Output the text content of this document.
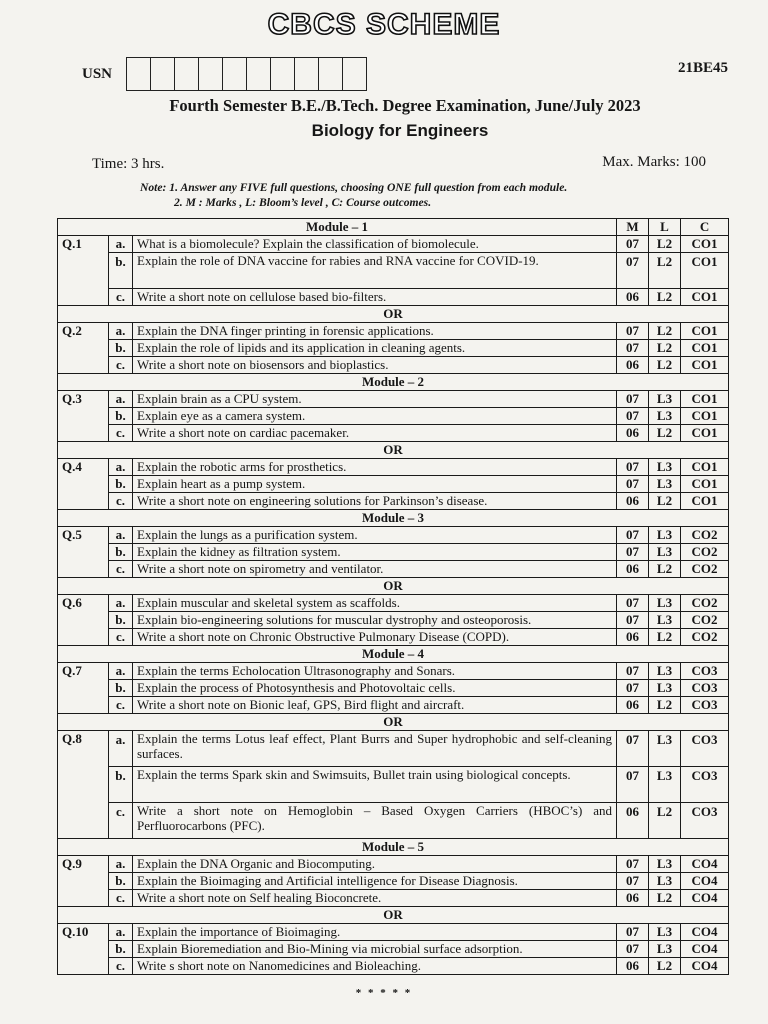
CBCS SCHEME
USN	21BE45
Fourth Semester B.E./B.Tech. Degree Examination, June/July 2023
Biology for Engineers
Time: 3 hrs.	Max. Marks: 100
Note: 1. Answer any FIVE full questions, choosing ONE full question from each module.
2. M : Marks , L: Bloom’s level , C: Course outcomes.
Module – 1			M	L	C
Q.1	a.	What is a biomolecule? Explain the classification of biomolecule.	07	L2	CO1
	b.	Explain the role of DNA vaccine for rabies and RNA vaccine for COVID-19.	07	L2	CO1
	c.	Write a short note on cellulose based bio-filters.	06	L2	CO1
OR					
Q.2	a.	Explain the DNA finger printing in forensic applications.	07	L2	CO1
	b.	Explain the role of lipids and its application in cleaning agents.	07	L2	CO1
	c.	Write a short note on biosensors and bioplastics.	06	L2	CO1
Module – 2					
Q.3	a.	Explain brain as a CPU system.	07	L3	CO1
	b.	Explain eye as a camera system.	07	L3	CO1
	c.	Write a short note on cardiac pacemaker.	06	L2	CO1
OR					
Q.4	a.	Explain the robotic arms for prosthetics.	07	L3	CO1
	b.	Explain heart as a pump system.	07	L3	CO1
	c.	Write a short note on engineering solutions for Parkinson’s disease.	06	L2	CO1
Module – 3					
Q.5	a.	Explain the lungs as a purification system.	07	L3	CO2
	b.	Explain the kidney as filtration system.	07	L3	CO2
	c.	Write a short note on spirometry and ventilator.	06	L2	CO2
OR					
Q.6	a.	Explain muscular and skeletal system as scaffolds.	07	L3	CO2
	b.	Explain bio-engineering solutions for muscular dystrophy and osteoporosis.	07	L3	CO2
	c.	Write a short note on Chronic Obstructive Pulmonary Disease (COPD).	06	L2	CO2
Module – 4					
Q.7	a.	Explain the terms Echolocation Ultrasonography and Sonars.	07	L3	CO3
	b.	Explain the process of Photosynthesis and Photovoltaic cells.	07	L3	CO3
	c.	Write a short note on Bionic leaf, GPS, Bird flight and aircraft.	06	L2	CO3
OR					
Q.8	a.	Explain the terms Lotus leaf effect, Plant Burrs and Super hydrophobic and self-cleaning surfaces.	07	L3	CO3
	b.	Explain the terms Spark skin and Swimsuits, Bullet train using biological concepts.	07	L3	CO3
	c.	Write a short note on Hemoglobin – Based Oxygen Carriers (HBOC’s) and Perfluorocarbons (PFC).	06	L2	CO3
Module – 5					
Q.9	a.	Explain the DNA Organic and Biocomputing.	07	L3	CO4
	b.	Explain the Bioimaging and Artificial intelligence for Disease Diagnosis.	07	L3	CO4
	c.	Write a short note on Self healing Bioconcrete.	06	L2	CO4
OR					
Q.10	a.	Explain the importance of Bioimaging.	07	L3	CO4
	b.	Explain Bioremediation and Bio-Mining via microbial surface adsorption.	07	L3	CO4
	c.	Write s short note on Nanomedicines and Bioleaching.	06	L2	CO4
* * * * *
